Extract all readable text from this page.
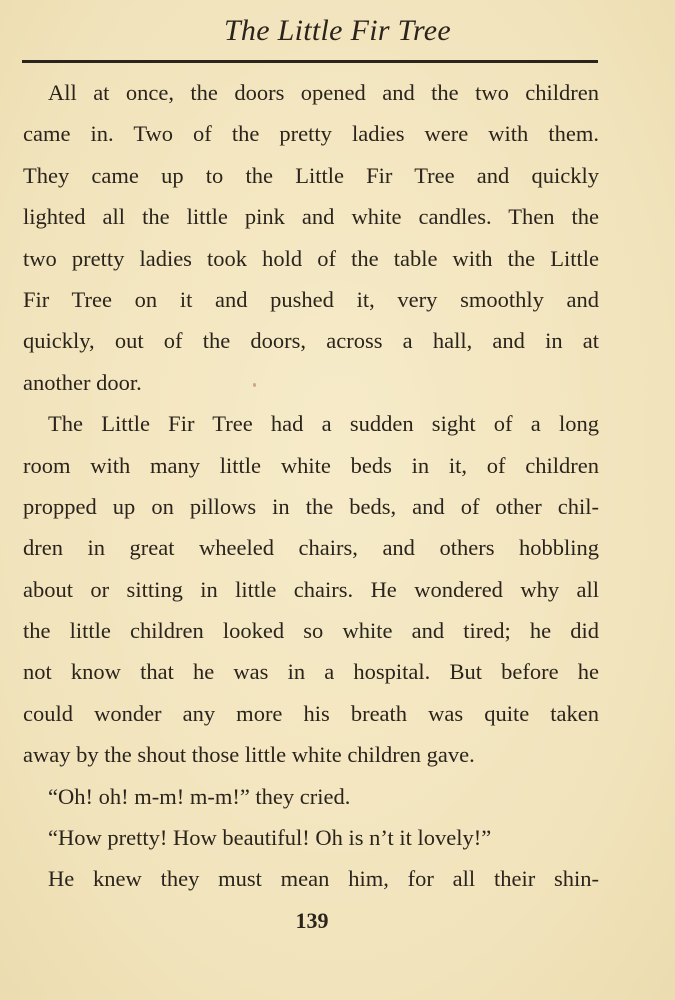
The Little Fir Tree
All at once, the doors opened and the two children
came in. Two of the pretty ladies were with them.
They came up to the Little Fir Tree and quickly
lighted all the little pink and white candles. Then the
two pretty ladies took hold of the table with the Little
Fir Tree on it and pushed it, very smoothly and
quickly, out of the doors, across a hall, and in at
another door.
The Little Fir Tree had a sudden sight of a long
room with many little white beds in it, of children
propped up on pillows in the beds, and of other chil-
dren in great wheeled chairs, and others hobbling
about or sitting in little chairs. He wondered why all
the little children looked so white and tired; he did
not know that he was in a hospital. But before he
could wonder any more his breath was quite taken
away by the shout those little white children gave.
“Oh! oh! m-m! m-m!” they cried.
“How pretty! How beautiful! Oh is n’t it lovely!”
He knew they must mean him, for all their shin-
139
